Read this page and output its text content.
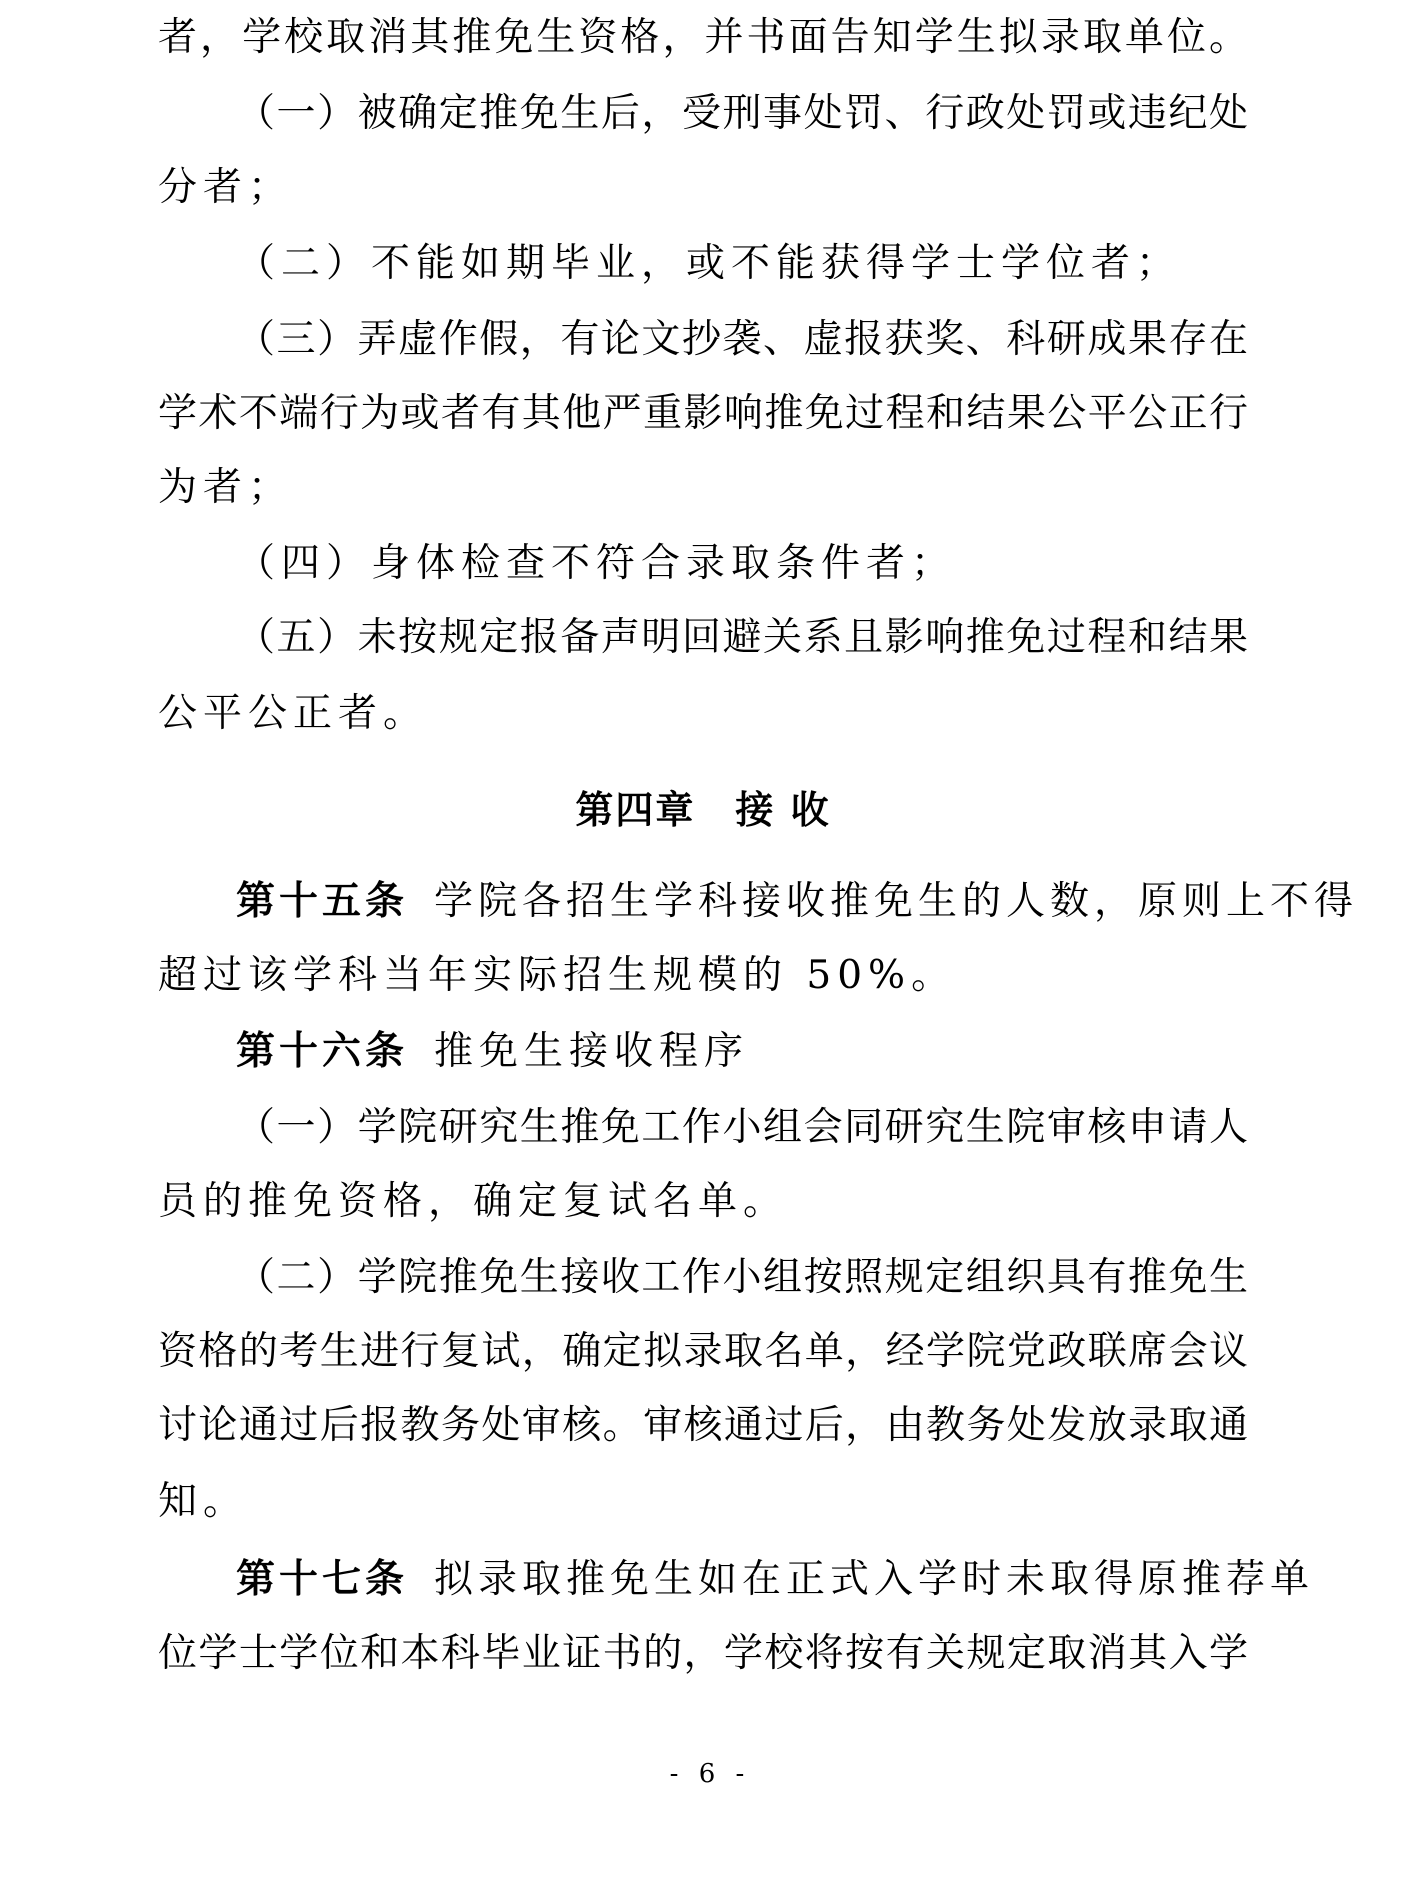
者，学校取消其推免生资格，并书面告知学生拟录取单位。
（一）被确定推免生后，受刑事处罚、行政处罚或违纪处
分者；
（二）不能如期毕业，或不能获得学士学位者；
（三）弄虚作假，有论文抄袭、虚报获奖、科研成果存在
学术不端行为或者有其他严重影响推免过程和结果公平公正行
为者；
（四）身体检查不符合录取条件者；
（五）未按规定报备声明回避关系且影响推免过程和结果
公平公正者。
第四章　接 收
第十五条 学院各招生学科接收推免生的人数，原则上不得
超过该学科当年实际招生规模的 50%。
第十六条 推免生接收程序
（一）学院研究生推免工作小组会同研究生院审核申请人
员的推免资格，确定复试名单。
（二）学院推免生接收工作小组按照规定组织具有推免生
资格的考生进行复试，确定拟录取名单，经学院党政联席会议
讨论通过后报教务处审核。审核通过后，由教务处发放录取通
知。
第十七条 拟录取推免生如在正式入学时未取得原推荐单
位学士学位和本科毕业证书的，学校将按有关规定取消其入学
- 6 -
